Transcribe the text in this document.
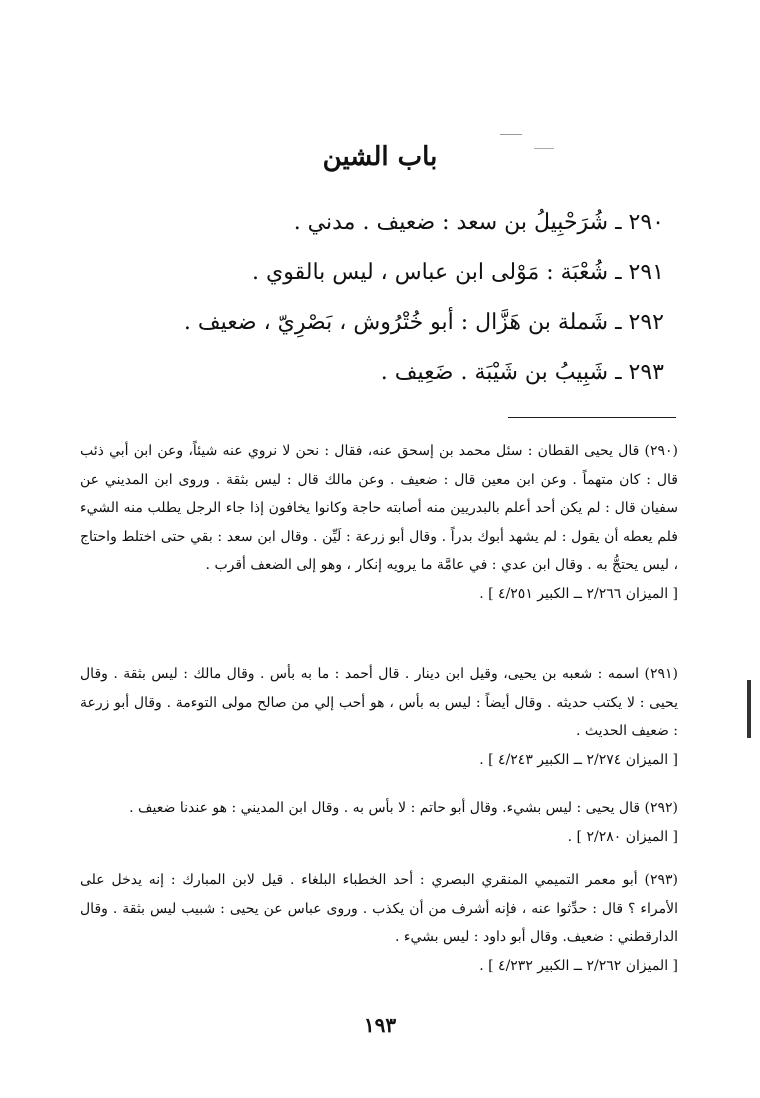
باب الشين
٢٩٠ ـ شُرَحْبِيلُ بن سعد : ضعيف . مدني .
٢٩١ ـ شُعْبَة : مَوْلى ابن عباس ، ليس بالقوي .
٢٩٢ ـ شَملة بن هَزَّال : أبو خُتْرُوش ، بَصْرِيّ ، ضعيف .
٢٩٣ ـ شَبِيبُ بن شَيْبَة . ضَعِيف .

(٢٩٠) قال يحيى القطان : سئل محمد بن إسحق عنه، فقال : نحن لا نروي عنه شيئاً، وعن ابن أبي ذئب قال : كان متهماً . وعن ابن معين قال : ضعيف . وعن مالك قال : ليس بثقة . وروى ابن المديني عن سفيان قال : لم يكن أحد أعلم بالبدريين منه أصابته حاجة وكانوا يخافون إذا جاء الرجل يطلب منه الشيء فلم يعطه أن يقول : لم يشهد أبوك بدراً . وقال أبو زرعة : لَيِّن . وقال ابن سعد : بقي حتى اختلط واحتاج ، ليس يحتجُّ به . وقال ابن عدي : في عامَّة ما يرويه إنكار ، وهو إلى الضعف أقرب .

[ الميزان ٢/٢٦٦ ــ الكبير ٤/٢٥١ ] .

(٢٩١) اسمه : شعبه بن يحيى، وقيل ابن دينار . قال أحمد : ما به بأس . وقال مالك : ليس بثقة . وقال يحيى : لا يكتب حديثه . وقال أيضاً : ليس به بأس ، هو أحب إلي من صالح مولى التوءمة . وقال أبو زرعة : ضعيف الحديث .

[ الميزان ٢/٢٧٤ ــ الكبير ٤/٢٤٣ ] .

(٢٩٢) قال يحيى : ليس بشيء. وقال أبو حاتم : لا بأس به . وقال ابن المديني : هو عندنا ضعيف .

[ الميزان ٢/٢٨٠ ] .

(٢٩٣) أبو معمر التميمي المنقري البصري : أحد الخطباء البلغاء . قيل لابن المبارك : إنه يدخل على الأمراء ؟ قال : حدِّثوا عنه ، فإنه أشرف من أن يكذب . وروى عباس عن يحيى : شبيب ليس بثقة . وقال الدارقطني : ضعيف. وقال أبو داود : ليس بشيء .

[ الميزان ٢/٢٦٢ ــ الكبير ٤/٢٣٢ ] .

١٩٣
